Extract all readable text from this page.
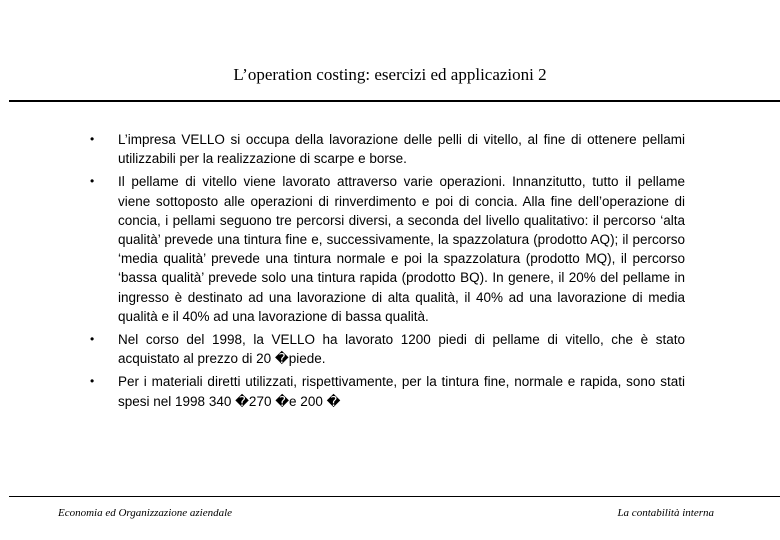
L’operation costing: esercizi ed applicazioni 2
• L’impresa VELLO si occupa della lavorazione delle pelli di vitello, al fine di ottenere pellami utilizzabili per la realizzazione di scarpe e borse.
• Il pellame di vitello viene lavorato attraverso varie operazioni. Innanzitutto, tutto il pellame viene sottoposto alle operazioni di rinverdimento e poi di concia. Alla fine dell’operazione di concia, i pellami seguono tre percorsi diversi, a seconda del livello qualitativo: il percorso ‘alta qualità’ prevede una tintura fine e, successivamente, la spazzolatura (prodotto AQ); il percorso ‘media qualità’ prevede una tintura normale e poi la spazzolatura (prodotto MQ), il percorso ‘bassa qualità’ prevede solo una tintura rapida (prodotto BQ). In genere, il 20% del pellame in ingresso è destinato ad una lavorazione di alta qualità, il 40% ad una lavorazione di media qualità e il 40% ad una lavorazione di bassa qualità.
• Nel corso del 1998, la VELLO ha lavorato 1200 piedi di pellame di vitello, che è stato acquistato al prezzo di 20 �piede.
• Per i materiali diretti utilizzati, rispettivamente, per la tintura fine, normale e rapida, sono stati spesi nel 1998 340 �270 �e 200 �
Economia ed Organizzazione aziendale	La contabilità interna
